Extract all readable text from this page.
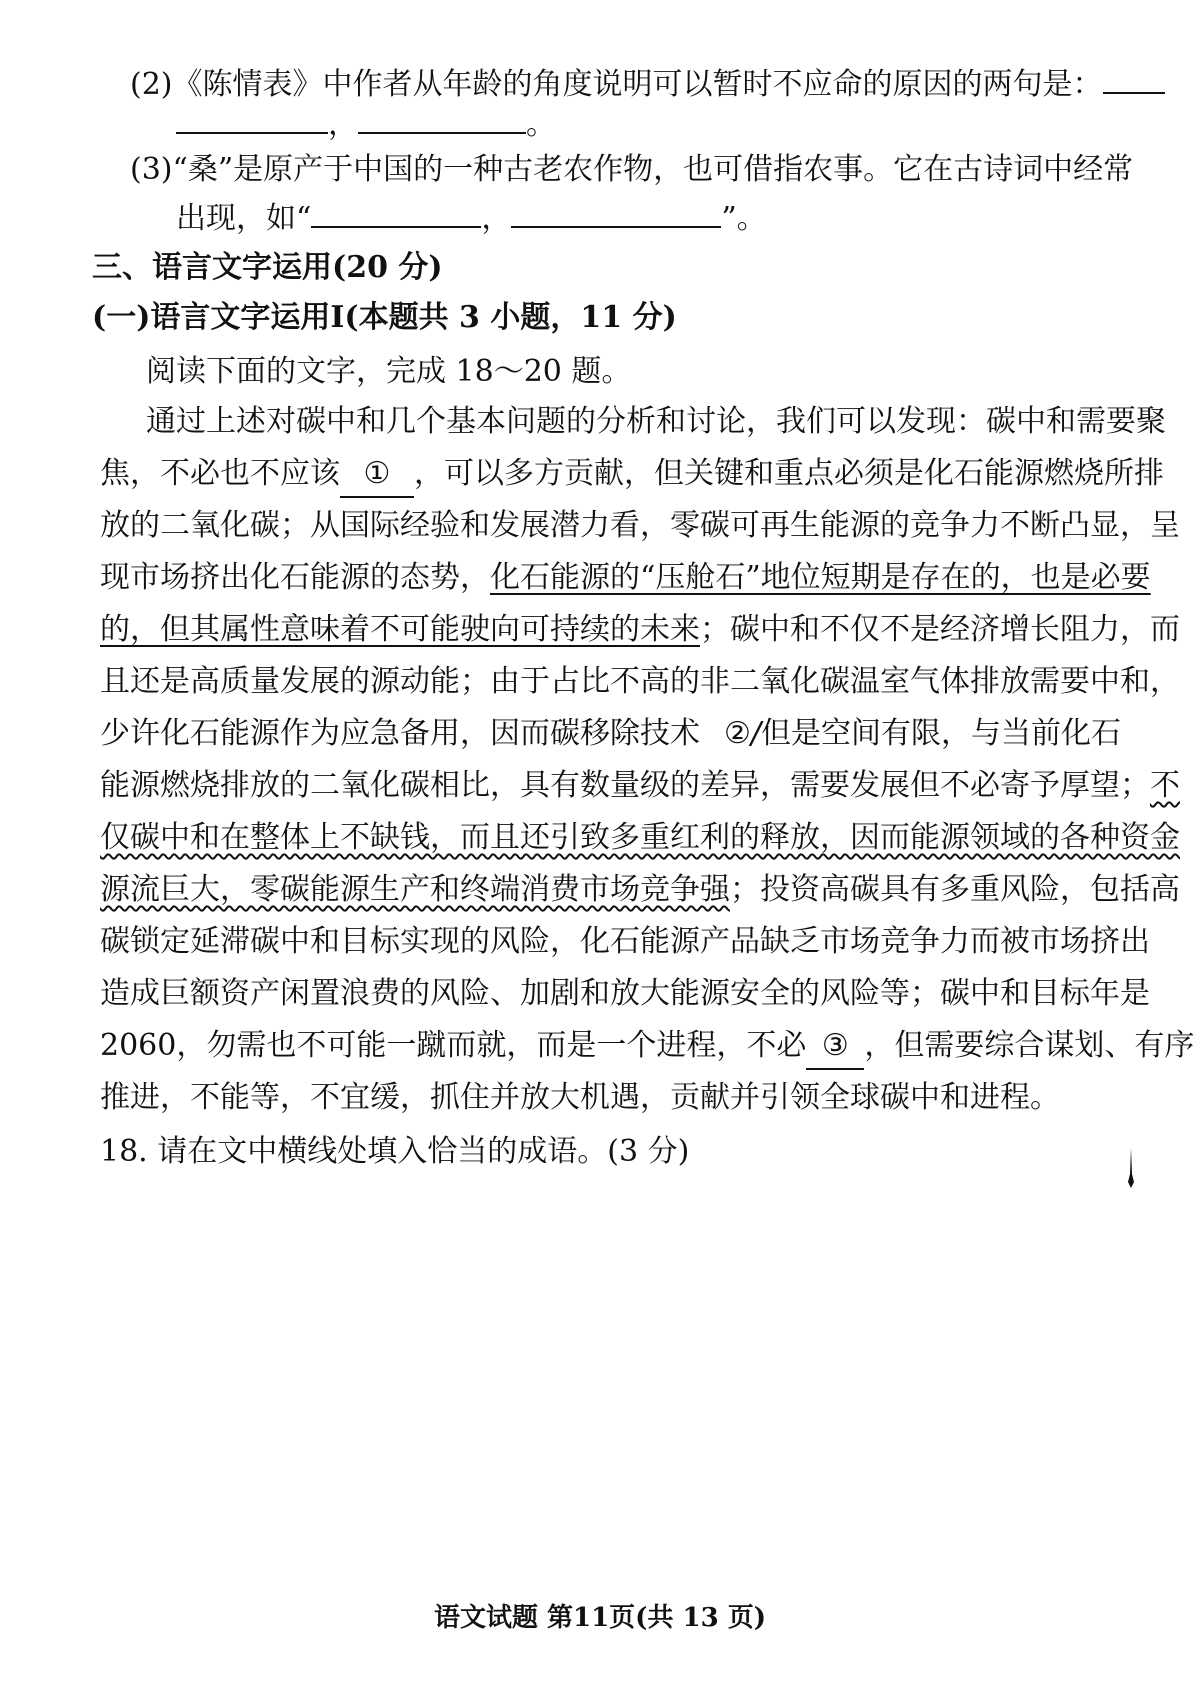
(2)《陈情表》中作者从年龄的角度说明可以暂时不应命的原因的两句是：
，	。
(3)“桑”是原产于中国的一种古老农作物，也可借指农事。它在古诗词中经常
出现，如“	，	”。
三、语言文字运用(20 分)
(一)语言文字运用Ⅰ(本题共 3 小题，11 分)
阅读下面的文字，完成 18～20 题。
通过上述对碳中和几个基本问题的分析和讨论，我们可以发现：碳中和需要聚
焦，不必也不应该 ① ，可以多方贡献，但关键和重点必须是化石能源燃烧所排
放的二氧化碳；从国际经验和发展潜力看，零碳可再生能源的竞争力不断凸显，呈
现市场挤出化石能源的态势，化石能源的“压舱石”地位短期是存在的，也是必要
的，但其属性意味着不可能驶向可持续的未来；碳中和不仅不是经济增长阻力，而
且还是高质量发展的源动能；由于占比不高的非二氧化碳温室气体排放需要中和，
少许化石能源作为应急备用，因而碳移除技术 ②/但是空间有限，与当前化石
能源燃烧排放的二氧化碳相比，具有数量级的差异，需要发展但不必寄予厚望；不
仅碳中和在整体上不缺钱，而且还引致多重红利的释放，因而能源领域的各种资金
源流巨大，零碳能源生产和终端消费市场竞争强；投资高碳具有多重风险，包括高
碳锁定延滞碳中和目标实现的风险，化石能源产品缺乏市场竞争力而被市场挤出
造成巨额资产闲置浪费的风险、加剧和放大能源安全的风险等；碳中和目标年是
2060，勿需也不可能一蹴而就，而是一个进程，不必 ③ ，但需要综合谋划、有序
推进，不能等，不宜缓，抓住并放大机遇，贡献并引领全球碳中和进程。
18. 请在文中横线处填入恰当的成语。(3 分)
语文试题 第11页(共 13 页)
